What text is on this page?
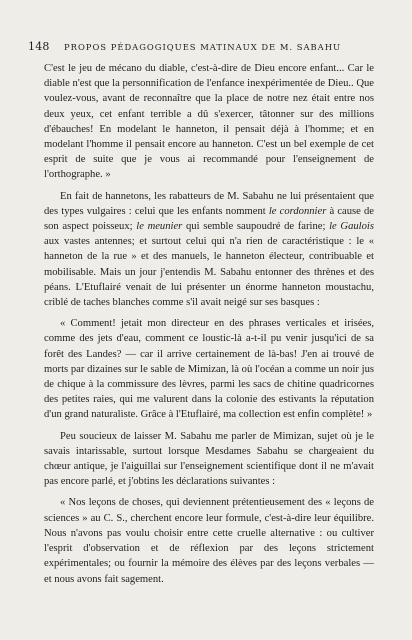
148	PROPOS PÉDAGOGIQUES MATINAUX DE M. SABAHU

C'est le jeu de mécano du diable, c'est-à-dire de Dieu encore enfant... Car le diable n'est que la personnification de l'enfance inexpérimentée de Dieu.. Que voulez-vous, avant de reconnaître que la place de notre nez était entre nos deux yeux, cet enfant terrible a dû s'exercer, tâtonner sur des millions d'ébauches! En modelant le hanneton, il pensait déjà à l'homme; et en modelant l'homme il pensait encore au hanneton. C'est un bel exemple de cet esprit de suite que je vous ai recommandé pour l'enseignement de l'orthographe. »

En fait de hannetons, les rabatteurs de M. Sabahu ne lui présentaient que des types vulgaires : celui que les enfants nomment le cordonnier à cause de son aspect poisseux; le meunier qui semble saupoudré de farine; le Gaulois aux vastes antennes; et surtout celui qui n'a rien de caractéristique : le « hanneton de la rue » et des manuels, le hanneton électeur, contribuable et mobilisable. Mais un jour j'entendis M. Sabahu entonner des thrènes et des péans. L'Etuflairé venait de lui présenter un énorme hanneton moustachu, criblé de taches blanches comme s'il avait neigé sur ses basques :

« Comment! jetait mon directeur en des phrases verticales et irisées, comme des jets d'eau, comment ce loustic-là a-t-il pu venir jusqu'ici de sa forêt des Landes? — car il arrive certainement de là-bas! J'en ai trouvé de morts par dizaines sur le sable de Mimizan, là où l'océan a comme un noir jus de chique à la commissure des lèvres, parmi les sacs de chitine quadricornes des petites raies, qui me valurent dans la colonie des estivants la réputation d'un grand naturaliste. Grâce à l'Etuflairé, ma collection est enfin complète! »

Peu soucieux de laisser M. Sabahu me parler de Mimizan, sujet où je le savais intarissable, surtout lorsque Mesdames Sabahu se chargeaient du chœur antique, je l'aiguillai sur l'enseignement scientifique dont il ne m'avait pas encore parlé, et j'obtins les déclarations suivantes :

« Nos leçons de choses, qui deviennent prétentieusement des « leçons de sciences » au C. S., cherchent encore leur formule, c'est-à-dire leur équilibre. Nous n'avons pas voulu choisir entre cette cruelle alternative : ou cultiver l'esprit d'observation et de réflexion par des leçons strictement expérimentales; ou fournir la mémoire des élèves par des leçons verbales — et nous avons fait sagement.
